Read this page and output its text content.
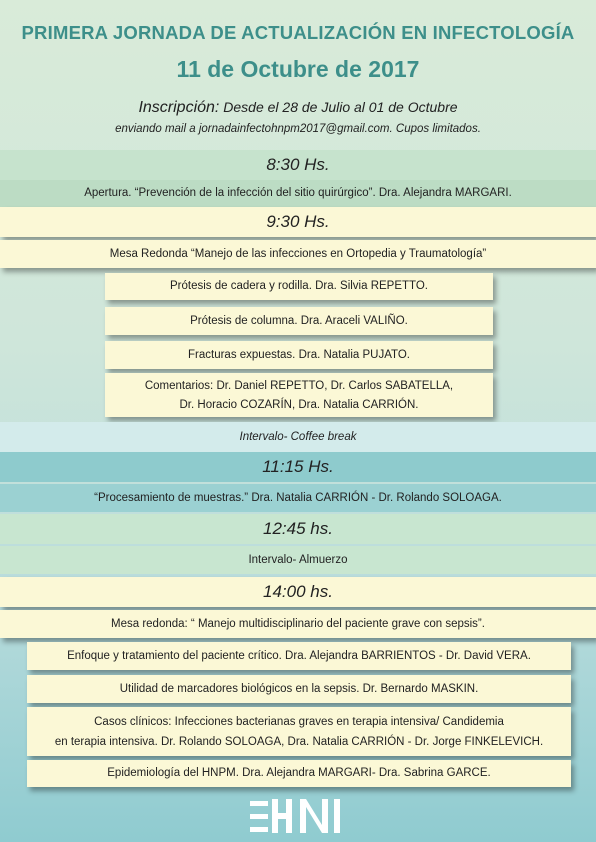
PRIMERA JORNADA DE ACTUALIZACIÓN EN INFECTOLOGÍA
11 de Octubre de 2017
Inscripción: Desde el 28 de Julio al 01 de Octubre
enviando mail a jornadainfectohnpm2017@gmail.com. Cupos limitados.
8:30 Hs.
Apertura. “Prevención de la infección del sitio quirúrgico”. Dra. Alejandra MARGARI.
9:30 Hs.
Mesa Redonda “Manejo de las infecciones en Ortopedia y Traumatología”
Prótesis de cadera y rodilla. Dra. Silvia REPETTO.
Prótesis de columna. Dra. Araceli VALIÑO.
Fracturas expuestas. Dra. Natalia PUJATO.
Comentarios: Dr. Daniel REPETTO, Dr. Carlos SABATELLA,
Dr. Horacio COZARÍN, Dra. Natalia CARRIÓN.
Intervalo- Coffee break
11:15 Hs.
“Procesamiento de muestras.” Dra. Natalia CARRIÓN - Dr. Rolando SOLOAGA.
12:45 hs.
Intervalo- Almuerzo
14:00 hs.
Mesa redonda: “ Manejo multidisciplinario del paciente grave con sepsis”.
Enfoque y tratamiento del paciente crítico. Dra. Alejandra BARRIENTOS - Dr. David VERA.
Utilidad de marcadores biológicos en la sepsis. Dr. Bernardo MASKIN.
Casos clínicos: Infecciones bacterianas graves en terapia intensiva/ Candidemia
en terapia intensiva. Dr. Rolando SOLOAGA, Dra. Natalia CARRIÓN - Dr. Jorge FINKELEVICH.
Epidemiología del HNPM. Dra. Alejandra MARGARI- Dra. Sabrina GARCE.
